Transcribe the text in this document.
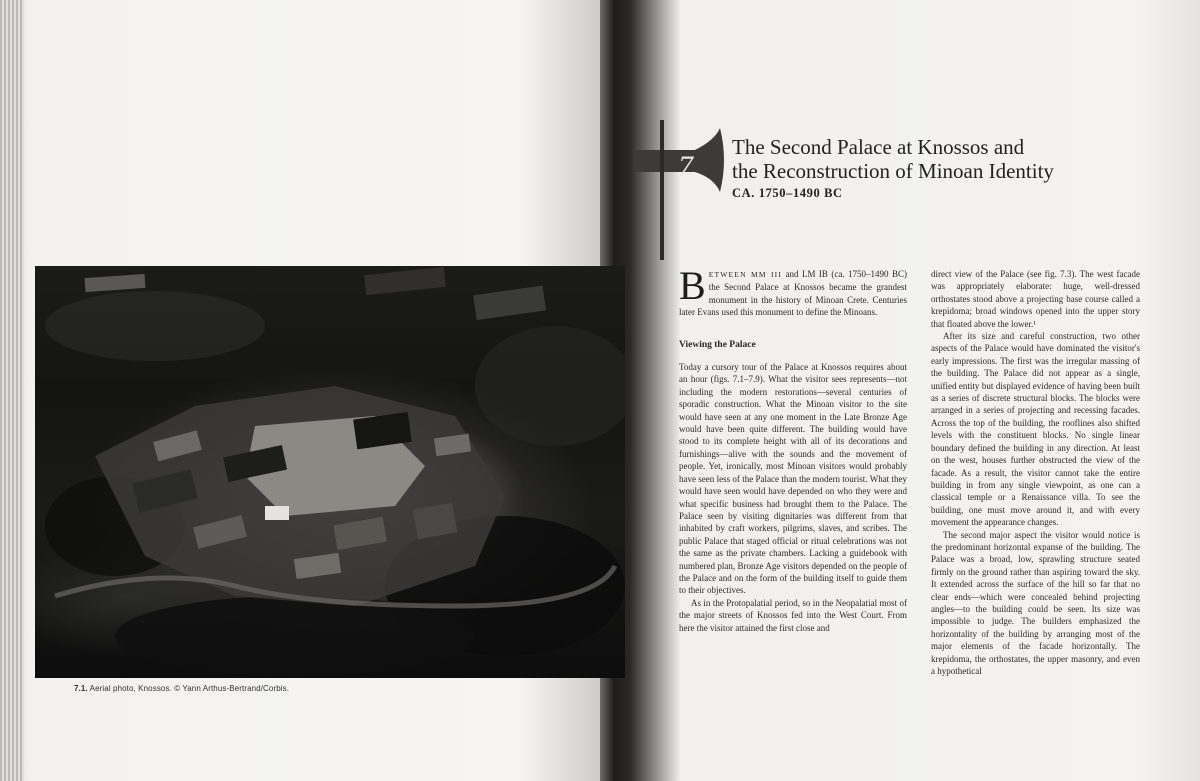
7.1. Aerial photo, Knossos. © Yann Arthus-Bertrand/Corbis.
7
The Second Palace at Knossos and
the Reconstruction of Minoan Identity
CA. 1750–1490 BC

BETWEEN MM III and LM IB (ca. 1750–1490 BC) the Second Palace at Knossos became the grandest monument in the history of Minoan Crete. Centuries later Evans used this monument to define the Minoans.

Viewing the Palace

Today a cursory tour of the Palace at Knossos requires about an hour (figs. 7.1–7.9). What the visitor sees represents—not including the modern restorations—several centuries of sporadic construction. What the Minoan visitor to the site would have seen at any one moment in the Late Bronze Age would have been quite different. The building would have stood to its complete height with all of its decorations and furnishings—alive with the sounds and the movement of people. Yet, ironically, most Minoan visitors would probably have seen less of the Palace than the modern tourist. What they would have seen would have depended on who they were and what specific business had brought them to the Palace. The Palace seen by visiting dignitaries was different from that inhabited by craft workers, pilgrims, slaves, and scribes. The public Palace that staged official or ritual celebrations was not the same as the private chambers. Lacking a guidebook with numbered plan, Bronze Age visitors depended on the people of the Palace and on the form of the building itself to guide them to their objectives.

As in the Protopalatial period, so in the Neopalatial most of the major streets of Knossos fed into the West Court. From here the visitor attained the first close and

direct view of the Palace (see fig. 7.3). The west facade was appropriately elaborate: huge, well-dressed orthostates stood above a projecting base course called a krepidoma; broad windows opened into the upper story that floated above the lower.¹

After its size and careful construction, two other aspects of the Palace would have dominated the visitor's early impressions. The first was the irregular massing of the building. The Palace did not appear as a single, unified entity but displayed evidence of having been built as a series of discrete structural blocks. The blocks were arranged in a series of projecting and recessing facades. Across the top of the building, the rooflines also shifted levels with the constituent blocks. No single linear boundary defined the building in any direction. At least on the west, houses further obstructed the view of the facade. As a result, the visitor cannot take the entire building in from any single viewpoint, as one can a classical temple or a Renaissance villa. To see the building, one must move around it, and with every movement the appearance changes.

The second major aspect the visitor would notice is the predominant horizontal expanse of the building. The Palace was a broad, low, sprawling structure seated firmly on the ground rather than aspiring toward the sky. It extended across the surface of the hill so far that no clear ends—which were concealed behind projecting angles—to the building could be seen. Its size was impossible to judge. The builders emphasized the horizontality of the building by arranging most of the major elements of the facade horizontally. The krepidoma, the orthostates, the upper masonry, and even a hypothetical
